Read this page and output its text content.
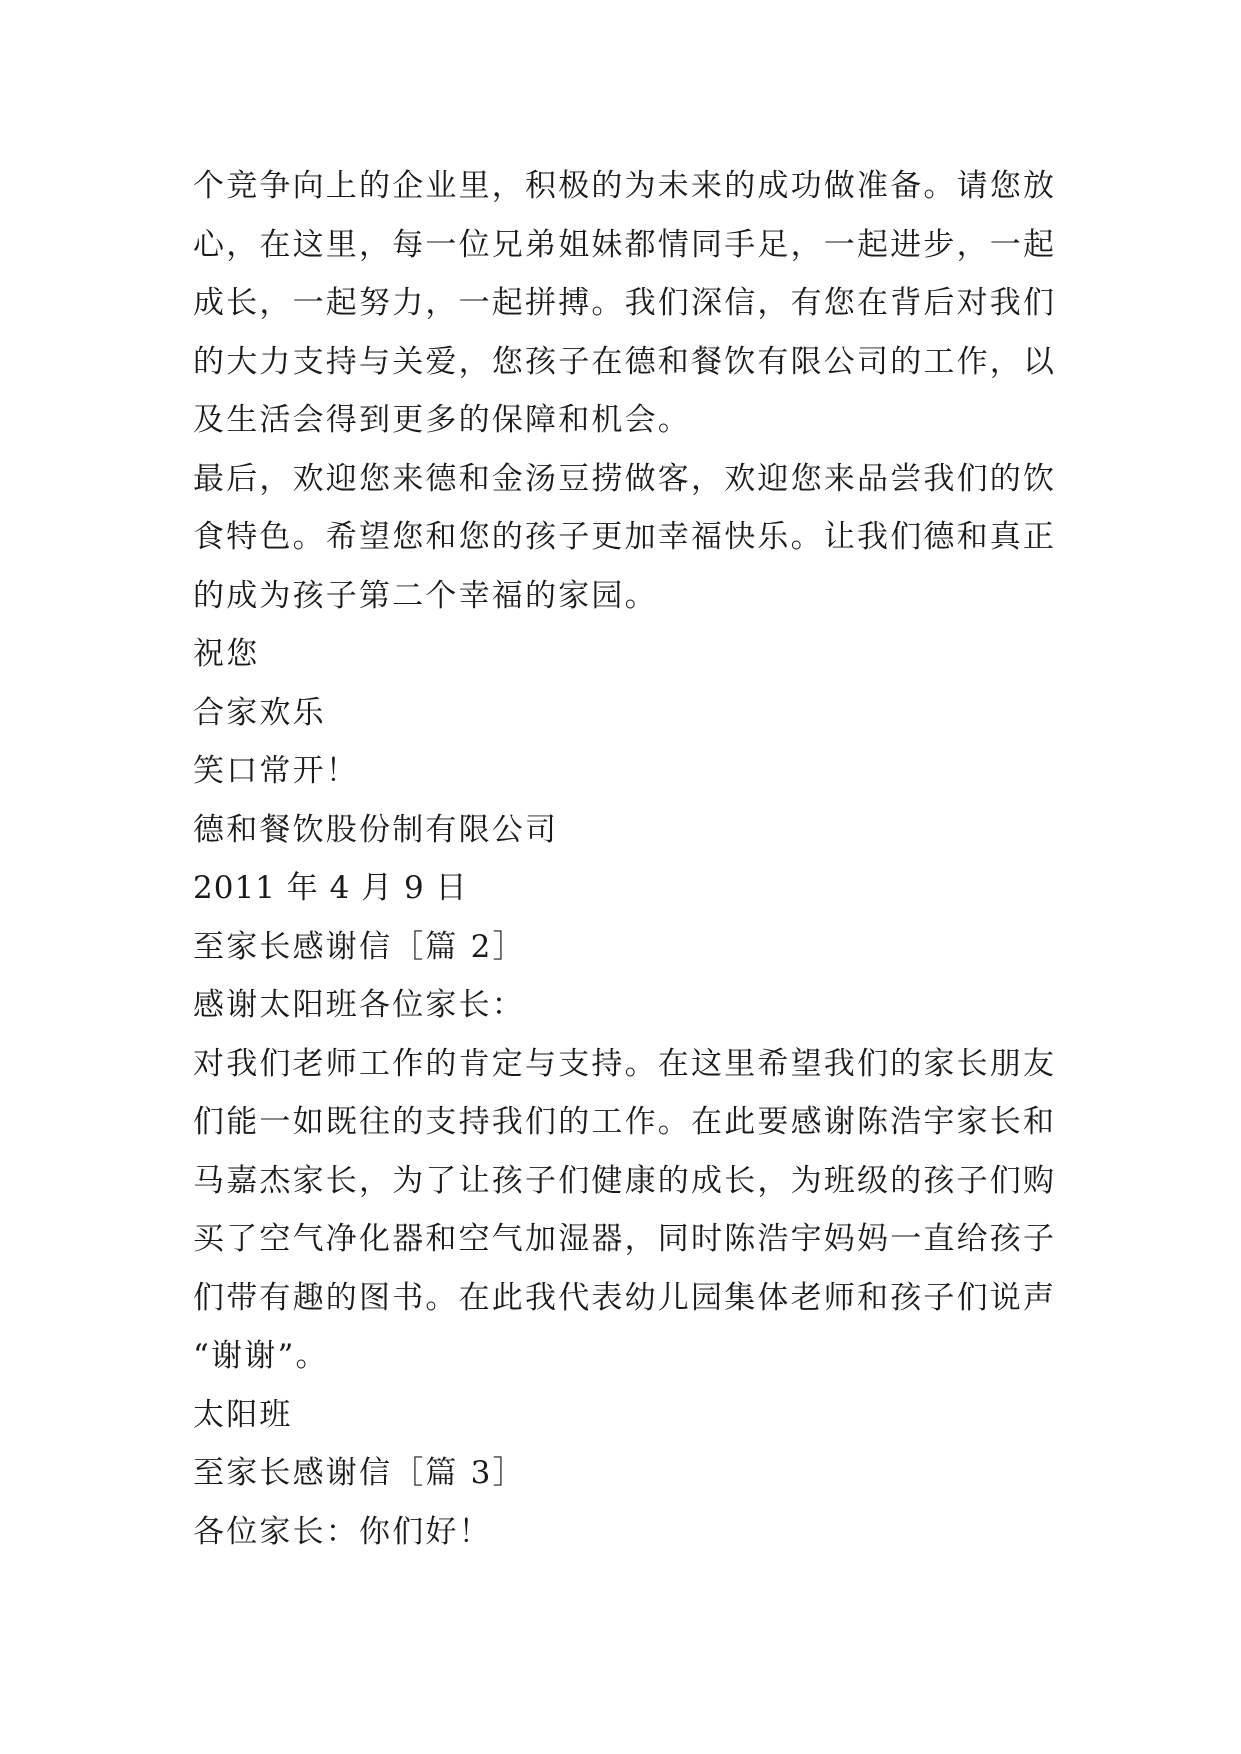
个竞争向上的企业里，积极的为未来的成功做准备。请您放
心，在这里，每一位兄弟姐妹都情同手足，一起进步，一起
成长，一起努力，一起拼搏。我们深信，有您在背后对我们
的大力支持与关爱，您孩子在德和餐饮有限公司的工作，以
及生活会得到更多的保障和机会。
最后，欢迎您来德和金汤豆捞做客，欢迎您来品尝我们的饮
食特色。希望您和您的孩子更加幸福快乐。让我们德和真正
的成为孩子第二个幸福的家园。
祝您
合家欢乐
笑口常开！
德和餐饮股份制有限公司
2011 年 4 月 9 日
至家长感谢信［篇 2］
感谢太阳班各位家长：
对我们老师工作的肯定与支持。在这里希望我们的家长朋友
们能一如既往的支持我们的工作。在此要感谢陈浩宇家长和
马嘉杰家长，为了让孩子们健康的成长，为班级的孩子们购
买了空气净化器和空气加湿器，同时陈浩宇妈妈一直给孩子
们带有趣的图书。在此我代表幼儿园集体老师和孩子们说声
“谢谢”。
太阳班
至家长感谢信［篇 3］
各位家长：你们好！
